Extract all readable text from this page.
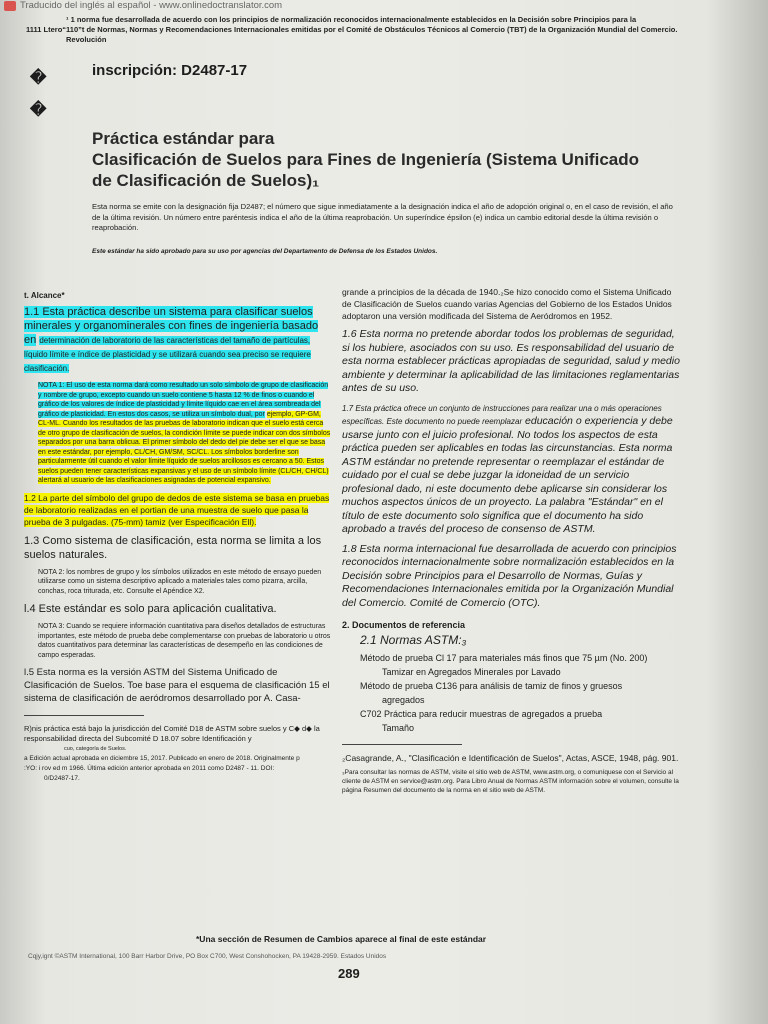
Traducido del inglés al español - www.onlinedoctranslator.com
¹ 1 norma fue desarrollada de acuerdo con los principios de normalización reconocidos internacionalmente establecidos en la Decisión sobre Principios para la
1111 Ltero“110”t de Normas, Normas y Recomendaciones Internacionales emitidas por el Comité de Obstáculos Técnicos al Comercio (TBT) de la Organización Mundial del Comercio.
Revolución
�
�
inscripción: D2487-17
Práctica estándar para
Clasificación de Suelos para Fines de Ingeniería (Sistema Unificado
de Clasificación de Suelos)₁
Esta norma se emite con la designación fija D2487; el número que sigue inmediatamente a la designación indica el año de adopción original o, en el caso de revisión, el año de la última revisión. Un número entre paréntesis indica el año de la última reaprobación. Un superíndice épsilon (e) indica un cambio editorial desde la última revisión o reaprobación.
Este estándar ha sido aprobado para su uso por agencias del Departamento de Defensa de los Estados Unidos.
t. Alcance*
1.1 Esta práctica describe un sistema para clasificar suelos minerales y organominerales con fines de ingeniería basado en determinación de laboratorio de las características del tamaño de partículas, líquido límite e índice de plasticidad y se utilizará cuando sea preciso se requiere clasificación.
NOTA 1: El uso de esta norma dará como resultado un solo símbolo de grupo de clasificación y nombre de grupo, excepto cuando un suelo contiene 5 hasta 12 % de finos o cuando el gráfico de los valores de índice de plasticidad y límite líquido cae en el área sombreada del gráfico de plasticidad. En estos dos casos, se utiliza un símbolo dual, por ejemplo, GP-GM, CL-ML. Cuando los resultados de las pruebas de laboratorio indican que el suelo está cerca de otro grupo de clasificación de suelos, la condición límite se puede indicar con dos símbolos separados por una barra oblicua. El primer símbolo del dedo del pie debe ser el que se basa en este estándar, por ejemplo, CL/CH, GM/SM, SC/CL. Los símbolos borderline son particularmente útil cuando el valor límite líquido de suelos arcillosos es cercano a 50. Estos suelos pueden tener características expansivas y el uso de un símbolo límite (CL/CH, CH/CL) alertará al usuario de las clasificaciones asignadas de potencial expansivo.
1.2 La parte del símbolo del grupo de dedos de este sistema se basa en pruebas de laboratorio realizadas en el portian de una muestra de suelo que pasa la prueba de 3 pulgadas. (75-mm) tamiz (ver Especificación Ell).
1.3 Como sistema de clasificación, esta norma se limita a los suelos naturales.
NOTA 2: los nombres de grupo y los símbolos utilizados en este método de ensayo pueden utilizarse como un sistema descriptivo aplicado a materiales tales como pizarra, arcilla, conchas, roca triturada, etc. Consulte el Apéndice X2.
l.4 Este estándar es solo para aplicación cualitativa.
NOTA 3: Cuando se requiere información cuantitativa para diseños detallados de estructuras importantes, este método de prueba debe complementarse con pruebas de laboratorio u otros datos cuantitativos para determinar las características de desempeño en las condiciones de campo esperadas.
l.5 Esta norma es la versión ASTM del Sistema Unificado de Clasificación de Suelos. Toe base para el esquema de clasificación 15 el sistema de clasificación de aeródromos desarrollado por A. Casa-
R)nis práctica está bajo la jurisdicción del Comité D18 de ASTM sobre suelos y C◆ d◆ la responsabilidad directa del Subcomité D 18.07 sobre Identificación y
cuo, categoría de Suelos.
a Edición actual aprobada en diciembre 15, 2017. Publicado en enero de 2018. Originalmente p
:YO: i rov ed m 1966. Última edición anterior aprobada en 2011 como D2487 - 11. DOI:
0/D2487-17.
grande a principios de la década de 1940.₂Se hizo conocido como el Sistema Unificado de Clasificación de Suelos cuando varias Agencias del Gobierno de los Estados Unidos adoptaron una versión modificada del Sistema de Aeródromos en 1952.
1.6 Esta norma no pretende abordar todos los problemas de seguridad, si los hubiere, asociados con su uso. Es responsabilidad del usuario de esta norma establecer prácticas apropiadas de seguridad, salud y medio ambiente y determinar la aplicabilidad de las limitaciones reglamentarias antes de su uso.
1.7 Esta práctica ofrece un conjunto de instrucciones para realizar una o más operaciones específicas. Este documento no puede reemplazar educación o experiencia y debe usarse junto con el juicio profesional. No todos los aspectos de esta práctica pueden ser aplicables en todas las circunstancias. Esta norma ASTM estándar no pretende representar o reemplazar el estándar de cuidado por el cual se debe juzgar la idoneidad de un servicio profesional dado, ni este documento debe aplicarse sin considerar los muchos aspectos únicos de un proyecto. La palabra "Estándar" en el título de este documento solo significa que el documento ha sido aprobado a través del proceso de consenso de ASTM.
1.8 Esta norma internacional fue desarrollada de acuerdo con principios reconocidos internacionalmente sobre normalización establecidos en la Decisión sobre Principios para el Desarrollo de Normas, Guías y Recomendaciones Internacionales emitida por la Organización Mundial del Comercio. Comité de Comercio (OTC).
2. Documentos de referencia
2.1 Normas ASTM:₃
Método de prueba Cl 17 para materiales más finos que 75 µm (No. 200)
Tamizar en Agregados Minerales por Lavado
Método de prueba C136 para análisis de tamiz de finos y gruesos
agregados
C702 Práctica para reducir muestras de agregados a prueba
Tamaño
₂Casagrande, A., "Clasificación e Identificación de Suelos", Actas, ASCE, 1948, pág. 901.
₃Para consultar las normas de ASTM, visite el sitio web de ASTM, www.astm.org, o comuníquese con el Servicio al cliente de ASTM en service@astm.org. Para Libro Anual de Normas ASTM información sobre el volumen, consulte la página Resumen del documento de la norma en el sitio web de ASTM.
*Una sección de Resumen de Cambios aparece al final de este estándar
Cqjy,ignt ©ASTM International, 100 Barr Harbor Drive, PO Box C700, West Conshohocken, PA 19428-2959. Estados Unidos
289
